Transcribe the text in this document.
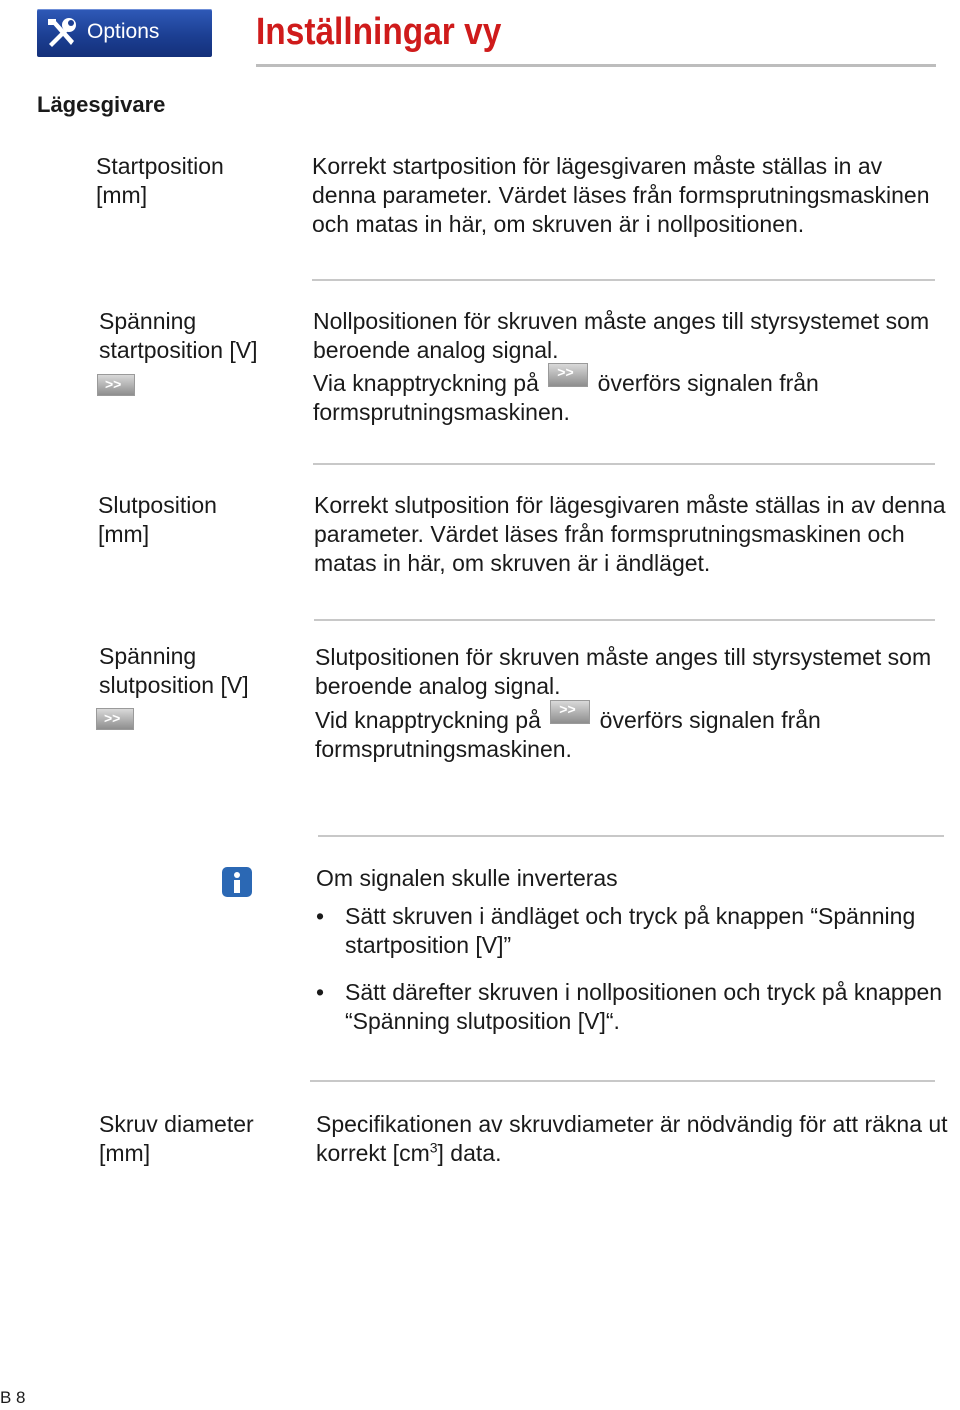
Options	Inställningar vy
Lägesgivare
Startposition [mm]
Korrekt startposition för lägesgivaren måste ställas in av denna parameter. Värdet läses från formsprutningsmaskinen och matas in här, om skruven är i nollpositionen.
Spänning startposition [V]
>>
Nollpositionen för skruven måste anges till styrsystemet som beroende analog signal.
Via knapptryckning på >> överförs signalen från formsprutningsmaskinen.
Slutposition [mm]
Korrekt slutposition för lägesgivaren måste ställas in av denna parameter. Värdet läses från formsprutningsmaskinen och matas in här, om skruven är i ändläget.
Spänning slutposition [V]
>>
Slutpositionen för skruven måste anges till styrsystemet som beroende analog signal.
Vid knapptryckning på >> överförs signalen från formsprutningsmaskinen.
Om signalen skulle inverteras
• Sätt skruven i ändläget och tryck på knappen “Spänning startposition [V]”
• Sätt därefter skruven i nollpositionen och tryck på knappen “Spänning slutposition [V]“.
Skruv diameter [mm]
Specifikationen av skruvdiameter är nödvändig för att räkna ut korrekt $[cm^3]$ data.
B 8
